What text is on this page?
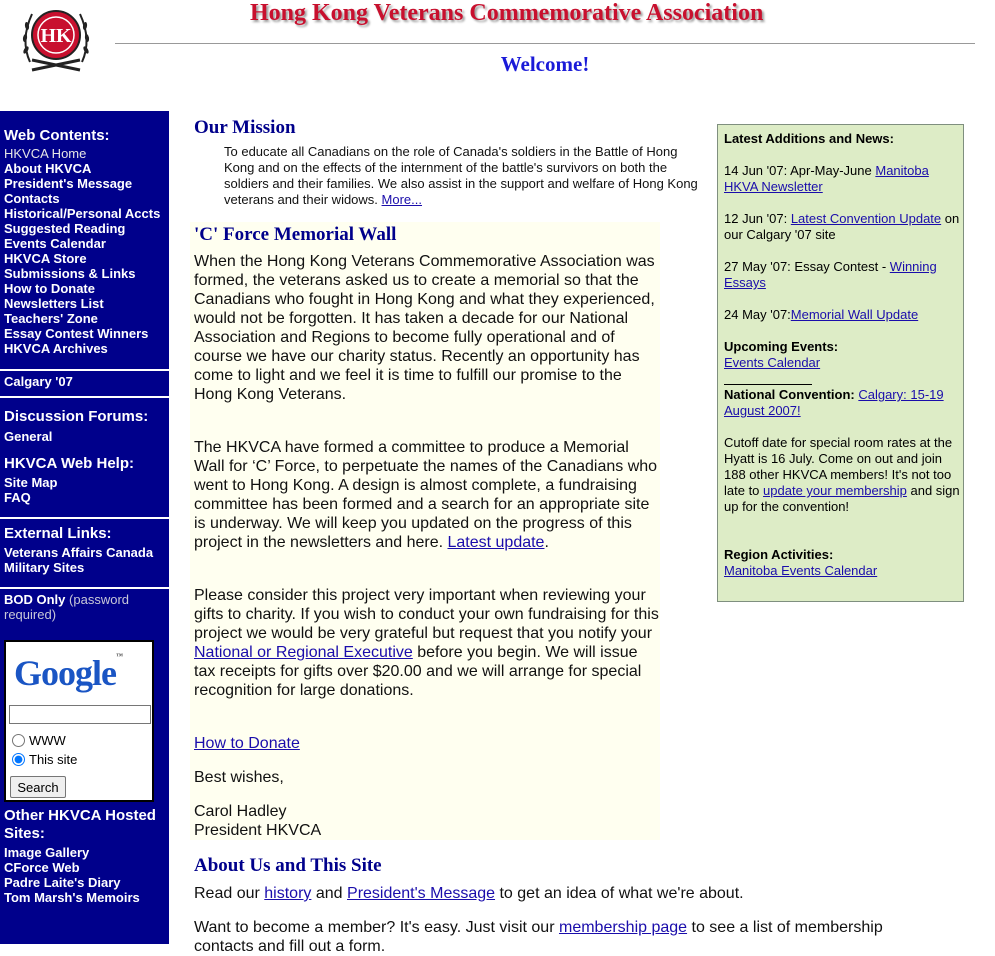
HK
Hong Kong Veterans Commemorative Association
Welcome!
Web Contents:
HKVCA Home
About HKVCA
President's Message
Contacts
Historical/Personal Accts
Suggested Reading
Events Calendar
HKVCA Store
Submissions & Links
How to Donate
Newsletters List
Teachers' Zone
Essay Contest Winners
HKVCA Archives
Calgary '07
Discussion Forums:
General
HKVCA Web Help:
Site Map
FAQ
External Links:
Veterans Affairs Canada
Military Sites
BOD Only (password required)
Google™
WWW
This site
Search
Other HKVCA Hosted Sites:
Image Gallery
CForce Web
Padre Laite's Diary
Tom Marsh's Memoirs
Our Mission

To educate all Canadians on the role of Canada's soldiers in the Battle of Hong Kong and on the effects of the internment of the battle's survivors on both the soldiers and their families. We also assist in the support and welfare of Hong Kong veterans and their widows. More...

'C' Force Memorial Wall

When the Hong Kong Veterans Commemorative Association was formed, the veterans asked us to create a memorial so that the Canadians who fought in Hong Kong and what they experienced, would not be forgotten. It has taken a decade for our National Association and Regions to become fully operational and of course we have our charity status. Recently an opportunity has come to light and we feel it is time to fulfill our promise to the Hong Kong Veterans.

The HKVCA have formed a committee to produce a Memorial Wall for ‘C’ Force, to perpetuate the names of the Canadians who went to Hong Kong. A design is almost complete, a fundraising committee has been formed and a search for an appropriate site is underway. We will keep you updated on the progress of this project in the newsletters and here. Latest update.

Please consider this project very important when reviewing your gifts to charity. If you wish to conduct your own fundraising for this project we would be very grateful but request that you notify your National or Regional Executive before you begin. We will issue tax receipts for gifts over $20.00 and we will arrange for special recognition for large donations.

How to Donate

Best wishes,

Carol Hadley
President HKVCA

About Us and This Site

Read our history and President's Message to get an idea of what we're about.

Want to become a member? It's easy. Just visit our membership page to see a list of membership contacts and fill out a form.

Latest Additions and News:

14 Jun '07: Apr-May-June Manitoba HKVA Newsletter

12 Jun '07: Latest Convention Update on our Calgary '07 site

27 May '07: Essay Contest - Winning Essays

24 May '07:Memorial Wall Update

Upcoming Events:
Events Calendar

National Convention: Calgary: 15-19 August 2007!

Cutoff date for special room rates at the Hyatt is 16 July. Come on out and join 188 other HKVCA members! It's not too late to update your membership and sign up for the convention!

Region Activities:
Manitoba Events Calendar
